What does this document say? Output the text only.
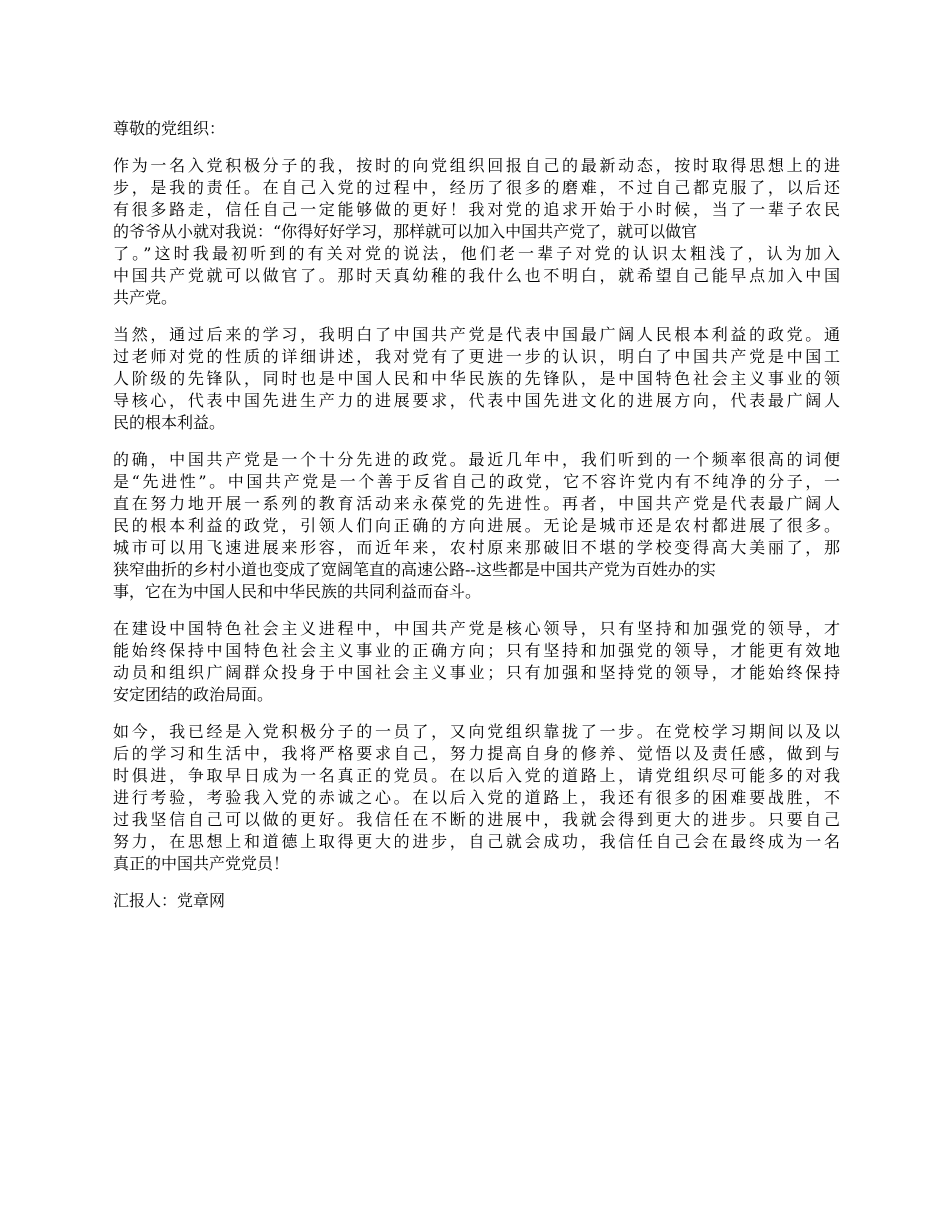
尊敬的党组织：
作为一名入党积极分子的我，按时的向党组织回报自己的最新动态，按时取得思想上的进
步，是我的责任。在自己入党的过程中，经历了很多的磨难，不过自己都克服了，以后还
有很多路走，信任自己一定能够做的更好！我对党的追求开始于小时候，当了一辈子农民
的爷爷从小就对我说：“你得好好学习，那样就可以加入中国共产党了，就可以做官
了。”这时我最初听到的有关对党的说法，他们老一辈子对党的认识太粗浅了，认为加入
中国共产党就可以做官了。那时天真幼稚的我什么也不明白，就希望自己能早点加入中国
共产党。
当然，通过后来的学习，我明白了中国共产党是代表中国最广阔人民根本利益的政党。通
过老师对党的性质的详细讲述，我对党有了更进一步的认识，明白了中国共产党是中国工
人阶级的先锋队，同时也是中国人民和中华民族的先锋队，是中国特色社会主义事业的领
导核心，代表中国先进生产力的进展要求，代表中国先进文化的进展方向，代表最广阔人
民的根本利益。
的确，中国共产党是一个十分先进的政党。最近几年中，我们听到的一个频率很高的词便
是“先进性”。中国共产党是一个善于反省自己的政党，它不容许党内有不纯净的分子，一
直在努力地开展一系列的教育活动来永葆党的先进性。再者，中国共产党是代表最广阔人
民的根本利益的政党，引领人们向正确的方向进展。无论是城市还是农村都进展了很多。
城市可以用飞速进展来形容，而近年来，农村原来那破旧不堪的学校变得高大美丽了，那
狭窄曲折的乡村小道也变成了宽阔笔直的高速公路--这些都是中国共产党为百姓办的实
事，它在为中国人民和中华民族的共同利益而奋斗。
在建设中国特色社会主义进程中，中国共产党是核心领导，只有坚持和加强党的领导，才
能始终保持中国特色社会主义事业的正确方向；只有坚持和加强党的领导，才能更有效地
动员和组织广阔群众投身于中国社会主义事业；只有加强和坚持党的领导，才能始终保持
安定团结的政治局面。
如今，我已经是入党积极分子的一员了，又向党组织靠拢了一步。在党校学习期间以及以
后的学习和生活中，我将严格要求自己，努力提高自身的修养、觉悟以及责任感，做到与
时俱进，争取早日成为一名真正的党员。在以后入党的道路上，请党组织尽可能多的对我
进行考验，考验我入党的赤诚之心。在以后入党的道路上，我还有很多的困难要战胜，不
过我坚信自己可以做的更好。我信任在不断的进展中，我就会得到更大的进步。只要自己
努力，在思想上和道德上取得更大的进步，自己就会成功，我信任自己会在最终成为一名
真正的中国共产党党员！
汇报人：党章网
